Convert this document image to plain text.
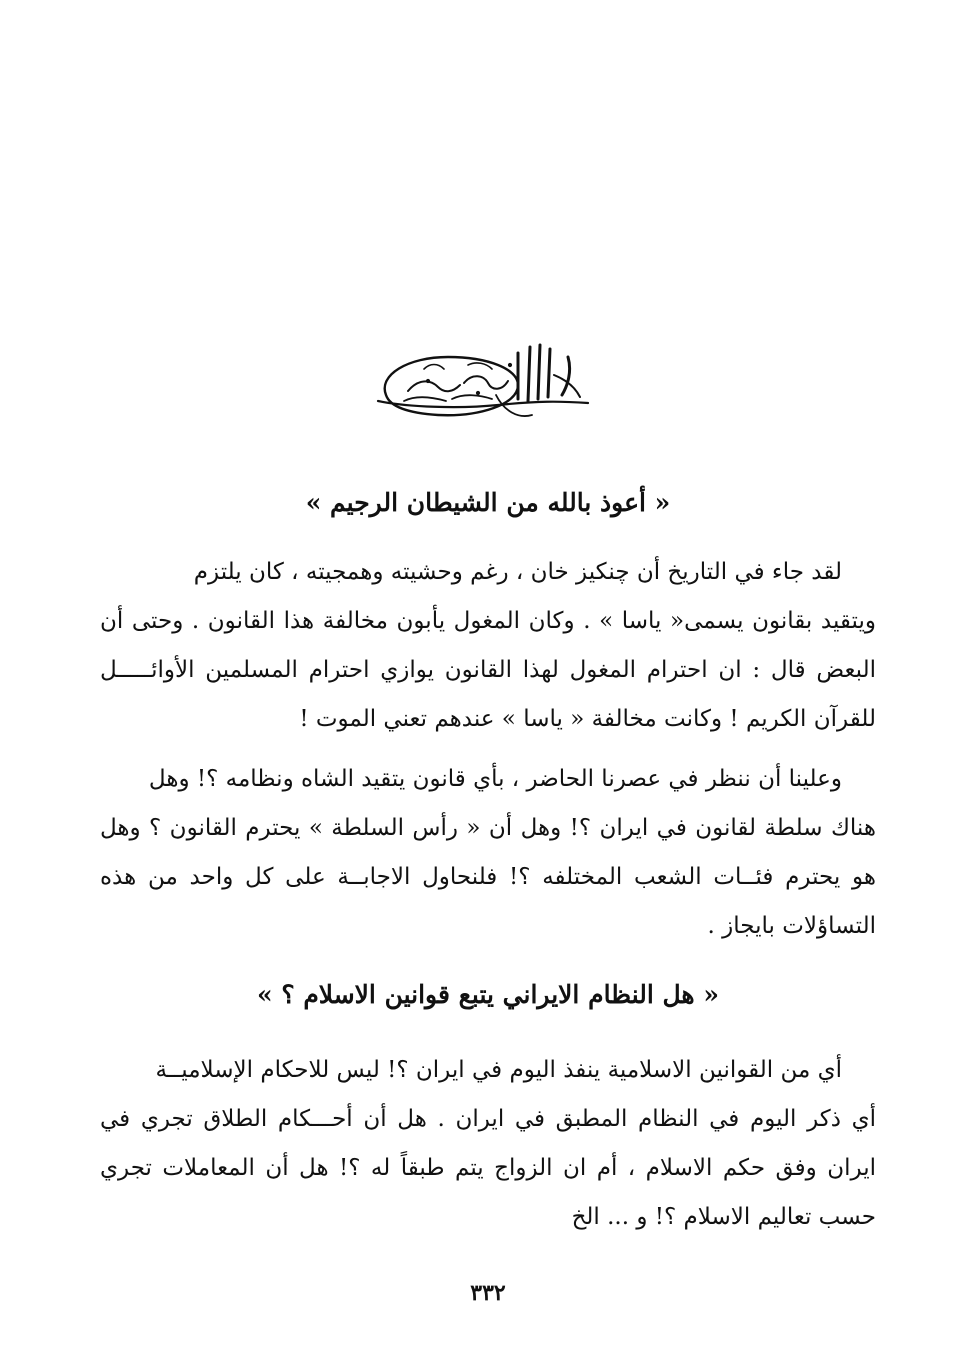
« أعوذ بالله من الشيطان الرجيم »
لقد جاء في التاريخ أن چنكيز خان ، رغم وحشيته وهمجيته ، كان يلتزم
ويتقيد بقانون يسمى« ياسا » . وكان المغول يأبون مخالفة هذا القانون . وحتى أن
البعض قال : ان احترام المغول لهذا القانون يوازي احترام المسلمين الأوائـــــل
للقرآن الكريم ! وكانت مخالفة « ياسا » عندهم تعني الموت !
وعلينا أن ننظر في عصرنا الحاضر ، بأي قانون يتقيد الشاه ونظامه ؟! وهل
هناك سلطة لقانون في ايران ؟! وهل أن « رأس السلطة » يحترم القانون ؟ وهل
هو يحترم فئــات الشعب المختلفه ؟! فلنحاول الاجابــة على كل واحد من هذه
التساؤلات بايجاز .
« هل النظام الايراني يتبع قوانين الاسلام ؟ »
أي من القوانين الاسلامية ينفذ اليوم في ايران ؟! ليس للاحكام الإسلاميــة
أي ذكر اليوم في النظام المطبق في ايران . هل أن أحـــكام الطلاق تجري في
ايران وفق حكم الاسلام ، أم ان الزواج يتم طبقاً له ؟! هل أن المعاملات تجري
حسب تعاليم الاسلام ؟! و ... الخ
٣٣٢
